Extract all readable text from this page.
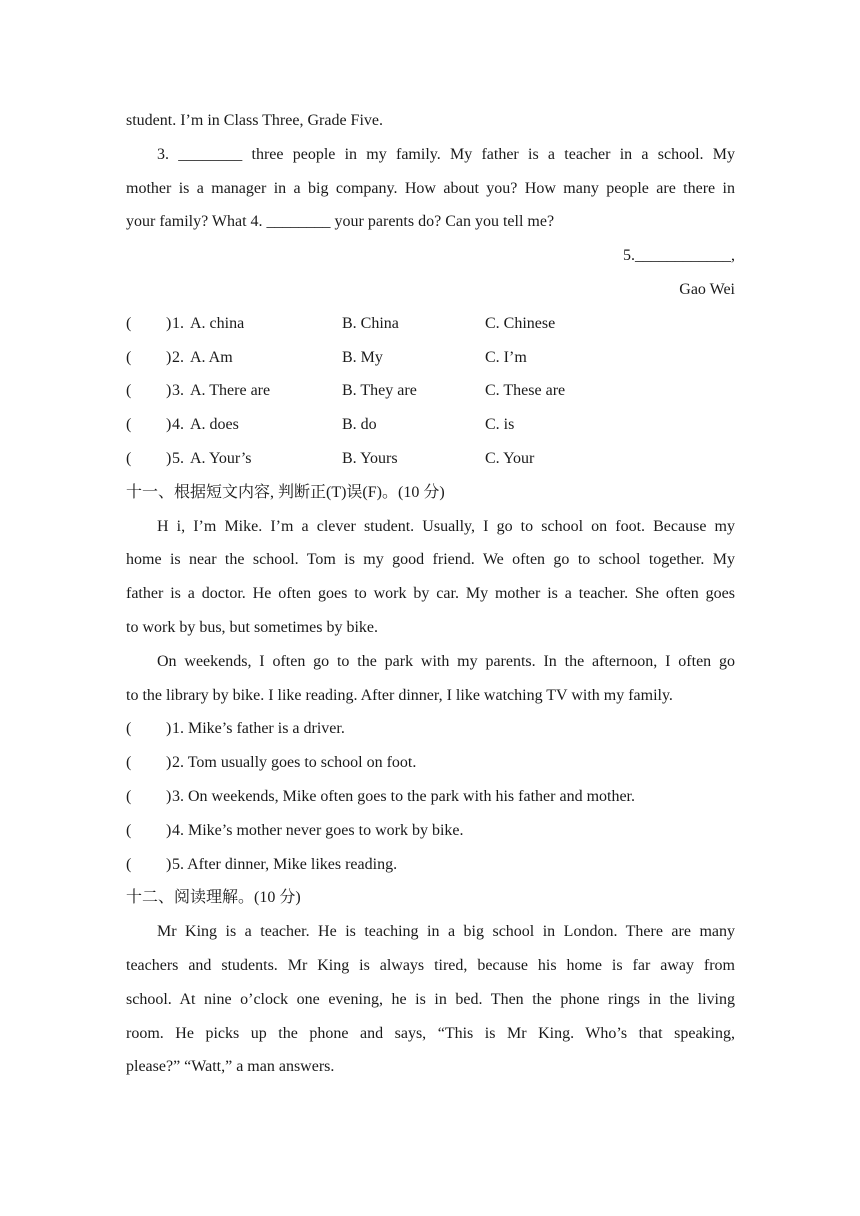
student. I’m in Class Three, Grade Five.
3. ________ three people in my family. My father is a teacher in a school. My
mother is a manager in a big company. How about you? How many people are there in
your family? What 4. ________ your parents do? Can you tell me?
5.____________,
Gao Wei
( ) 1. A. china	B. China	C. Chinese
( ) 2. A. Am	B. My	C. I’m
( ) 3. A. There are	B. They are	C. These are
( ) 4. A. does	B. do	C. is
( ) 5. A. Your’s	B. Yours	C. Your
十一、根据短文内容, 判断正(T)误(F)。(10 分)
H i, I’m Mike. I’m a clever student. Usually, I go to school on foot. Because my
home is near the school. Tom is my good friend. We often go to school together. My
father is a doctor. He often goes to work by car. My mother is a teacher. She often goes
to work by bus, but sometimes by bike.
On weekends, I often go to the park with my parents. In the afternoon, I often go
to the library by bike. I like reading. After dinner, I like watching TV with my family.
( ) 1. Mike’s father is a driver.
( ) 2. Tom usually goes to school on foot.
( ) 3. On weekends, Mike often goes to the park with his father and mother.
( ) 4. Mike’s mother never goes to work by bike.
( ) 5. After dinner, Mike likes reading.
十二、阅读理解。(10 分)
Mr King is a teacher. He is teaching in a big school in London. There are many
teachers and students. Mr King is always tired, because his home is far away from
school. At nine o’clock one evening, he is in bed. Then the phone rings in the living
room. He picks up the phone and says, “This is Mr King. Who’s that speaking,
please?” “Watt,” a man answers.
